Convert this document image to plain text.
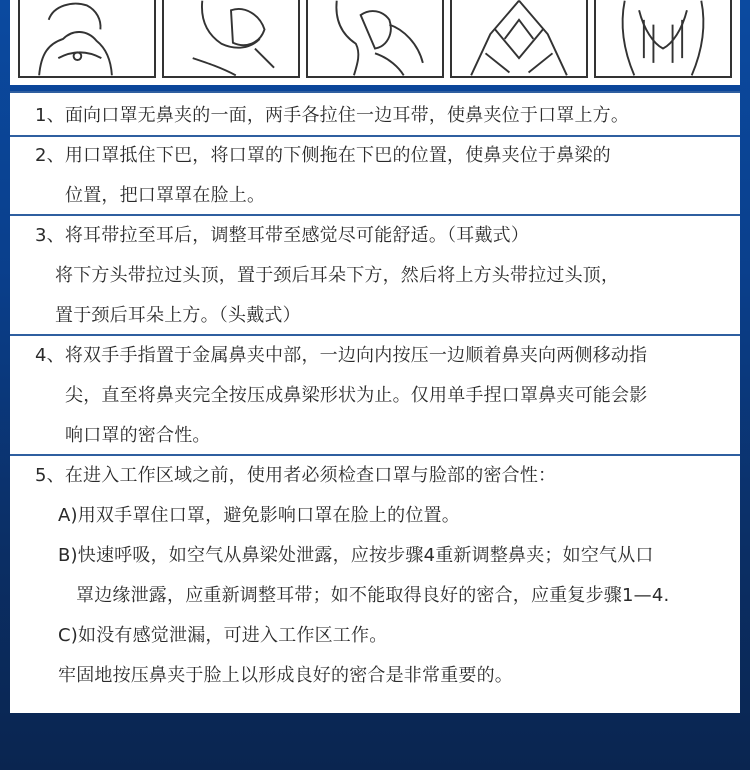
1、面向口罩无鼻夹的一面，两手各拉住一边耳带，使鼻夹位于口罩上方。
2、用口罩抵住下巴，将口罩的下侧拖在下巴的位置，使鼻夹位于鼻梁的
位置，把口罩罩在脸上。
3、将耳带拉至耳后，调整耳带至感觉尽可能舒适。（耳戴式）
将下方头带拉过头顶，置于颈后耳朵下方，然后将上方头带拉过头顶，
置于颈后耳朵上方。（头戴式）
4、将双手手指置于金属鼻夹中部，一边向内按压一边顺着鼻夹向两侧移动指
尖，直至将鼻夹完全按压成鼻梁形状为止。仅用单手捏口罩鼻夹可能会影
响口罩的密合性。
5、在进入工作区域之前，使用者必须检查口罩与脸部的密合性：
A)用双手罩住口罩，避免影响口罩在脸上的位置。
B)快速呼吸，如空气从鼻梁处泄露，应按步骤4重新调整鼻夹；如空气从口
罩边缘泄露，应重新调整耳带；如不能取得良好的密合，应重复步骤1—4.
C)如没有感觉泄漏，可进入工作区工作。
牢固地按压鼻夹于脸上以形成良好的密合是非常重要的。
